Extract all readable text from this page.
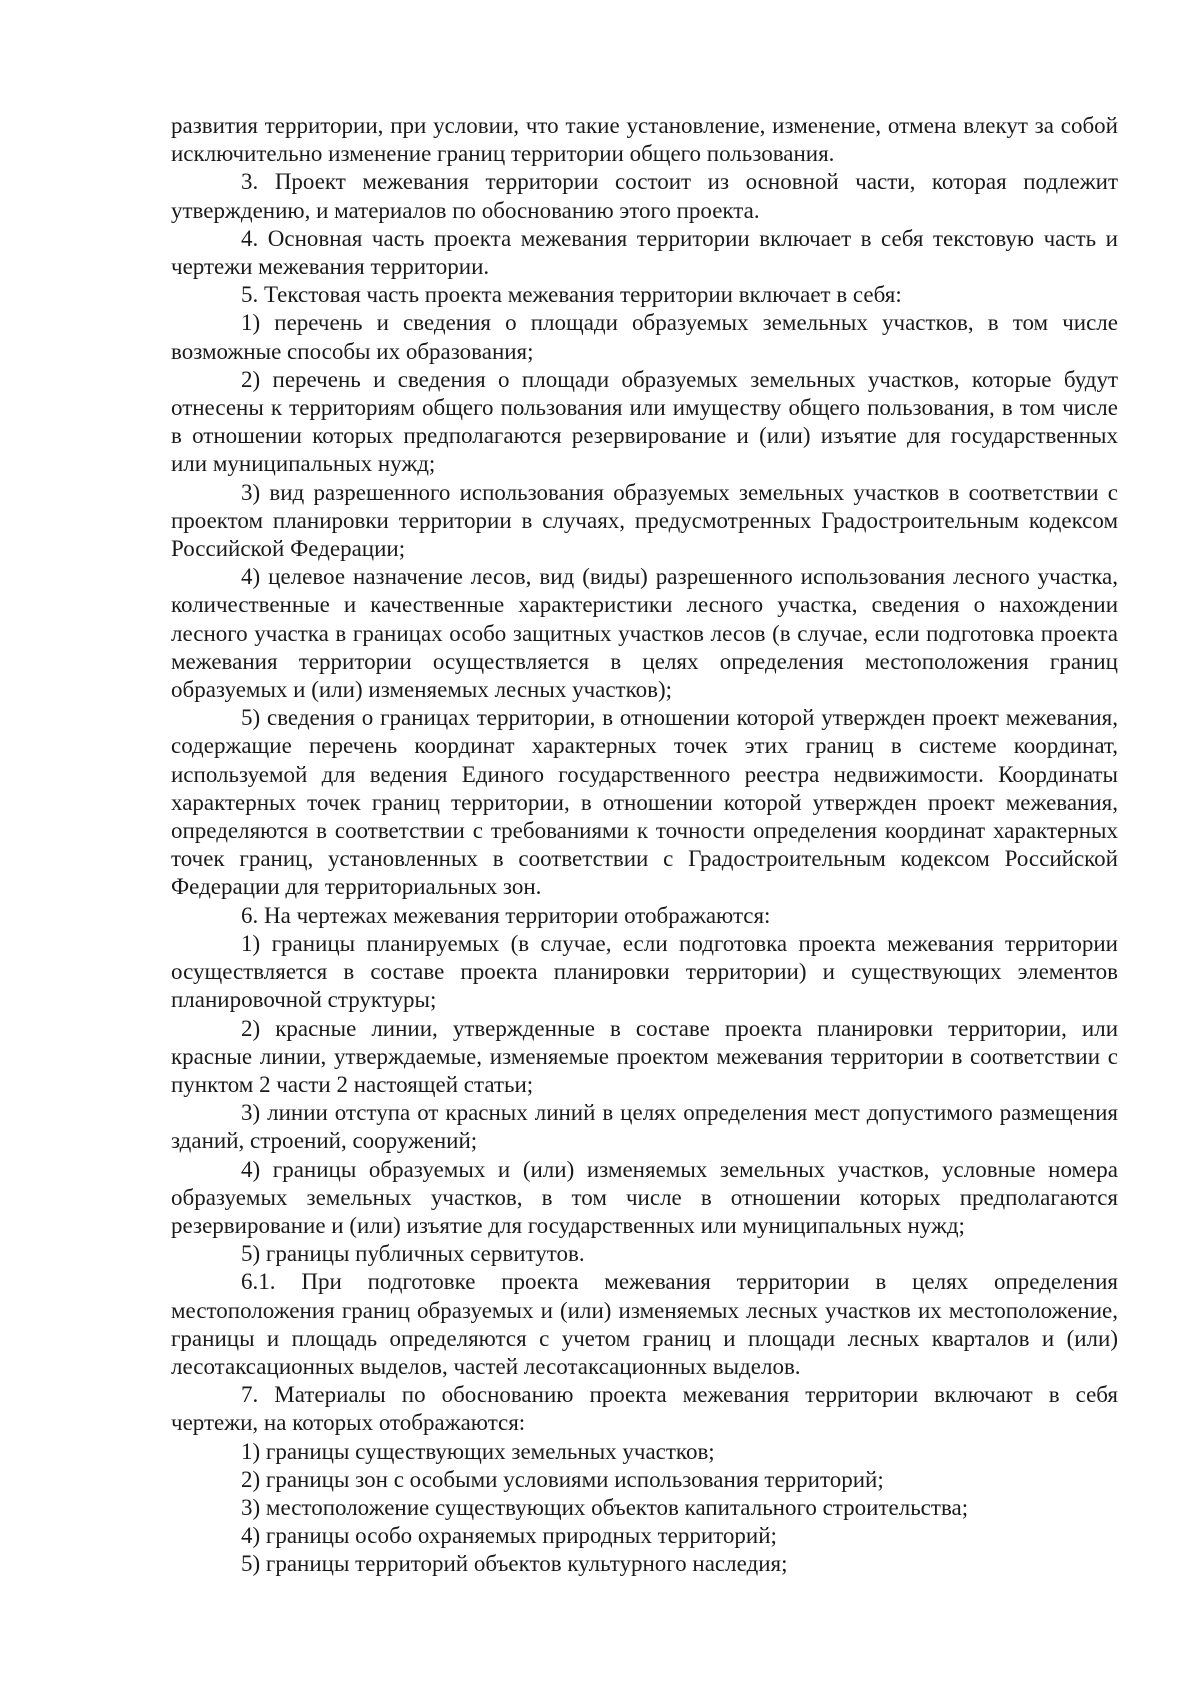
развития территории, при условии, что такие установление, изменение, отмена влекут за собой исключительно изменение границ территории общего пользования.

3. Проект межевания территории состоит из основной части, которая подлежит утверждению, и материалов по обоснованию этого проекта.

4. Основная часть проекта межевания территории включает в себя текстовую часть и чертежи межевания территории.

5. Текстовая часть проекта межевания территории включает в себя:

1) перечень и сведения о площади образуемых земельных участков, в том числе возможные способы их образования;

2) перечень и сведения о площади образуемых земельных участков, которые будут отнесены к территориям общего пользования или имуществу общего пользования, в том числе в отношении которых предполагаются резервирование и (или) изъятие для государственных или муниципальных нужд;

3) вид разрешенного использования образуемых земельных участков в соответствии с проектом планировки территории в случаях, предусмотренных Градостроительным кодексом Российской Федерации;

4) целевое назначение лесов, вид (виды) разрешенного использования лесного участка, количественные и качественные характеристики лесного участка, сведения о нахождении лесного участка в границах особо защитных участков лесов (в случае, если подготовка проекта межевания территории осуществляется в целях определения местоположения границ образуемых и (или) изменяемых лесных участков);

5) сведения о границах территории, в отношении которой утвержден проект межевания, содержащие перечень координат характерных точек этих границ в системе координат, используемой для ведения Единого государственного реестра недвижимости. Координаты характерных точек границ территории, в отношении которой утвержден проект межевания, определяются в соответствии с требованиями к точности определения координат характерных точек границ, установленных в соответствии с Градостроительным кодексом Российской Федерации для территориальных зон.

6. На чертежах межевания территории отображаются:

1) границы планируемых (в случае, если подготовка проекта межевания территории осуществляется в составе проекта планировки территории) и существующих элементов планировочной структуры;

2) красные линии, утвержденные в составе проекта планировки территории, или красные линии, утверждаемые, изменяемые проектом межевания территории в соответствии с пунктом 2 части 2 настоящей статьи;

3) линии отступа от красных линий в целях определения мест допустимого размещения зданий, строений, сооружений;

4) границы образуемых и (или) изменяемых земельных участков, условные номера образуемых земельных участков, в том числе в отношении которых предполагаются резервирование и (или) изъятие для государственных или муниципальных нужд;

5) границы публичных сервитутов.

6.1. При подготовке проекта межевания территории в целях определения местоположения границ образуемых и (или) изменяемых лесных участков их местоположение, границы и площадь определяются с учетом границ и площади лесных кварталов и (или) лесотаксационных выделов, частей лесотаксационных выделов.

7. Материалы по обоснованию проекта межевания территории включают в себя чертежи, на которых отображаются:

1) границы существующих земельных участков;

2) границы зон с особыми условиями использования территорий;

3) местоположение существующих объектов капитального строительства;

4) границы особо охраняемых природных территорий;

5) границы территорий объектов культурного наследия;
